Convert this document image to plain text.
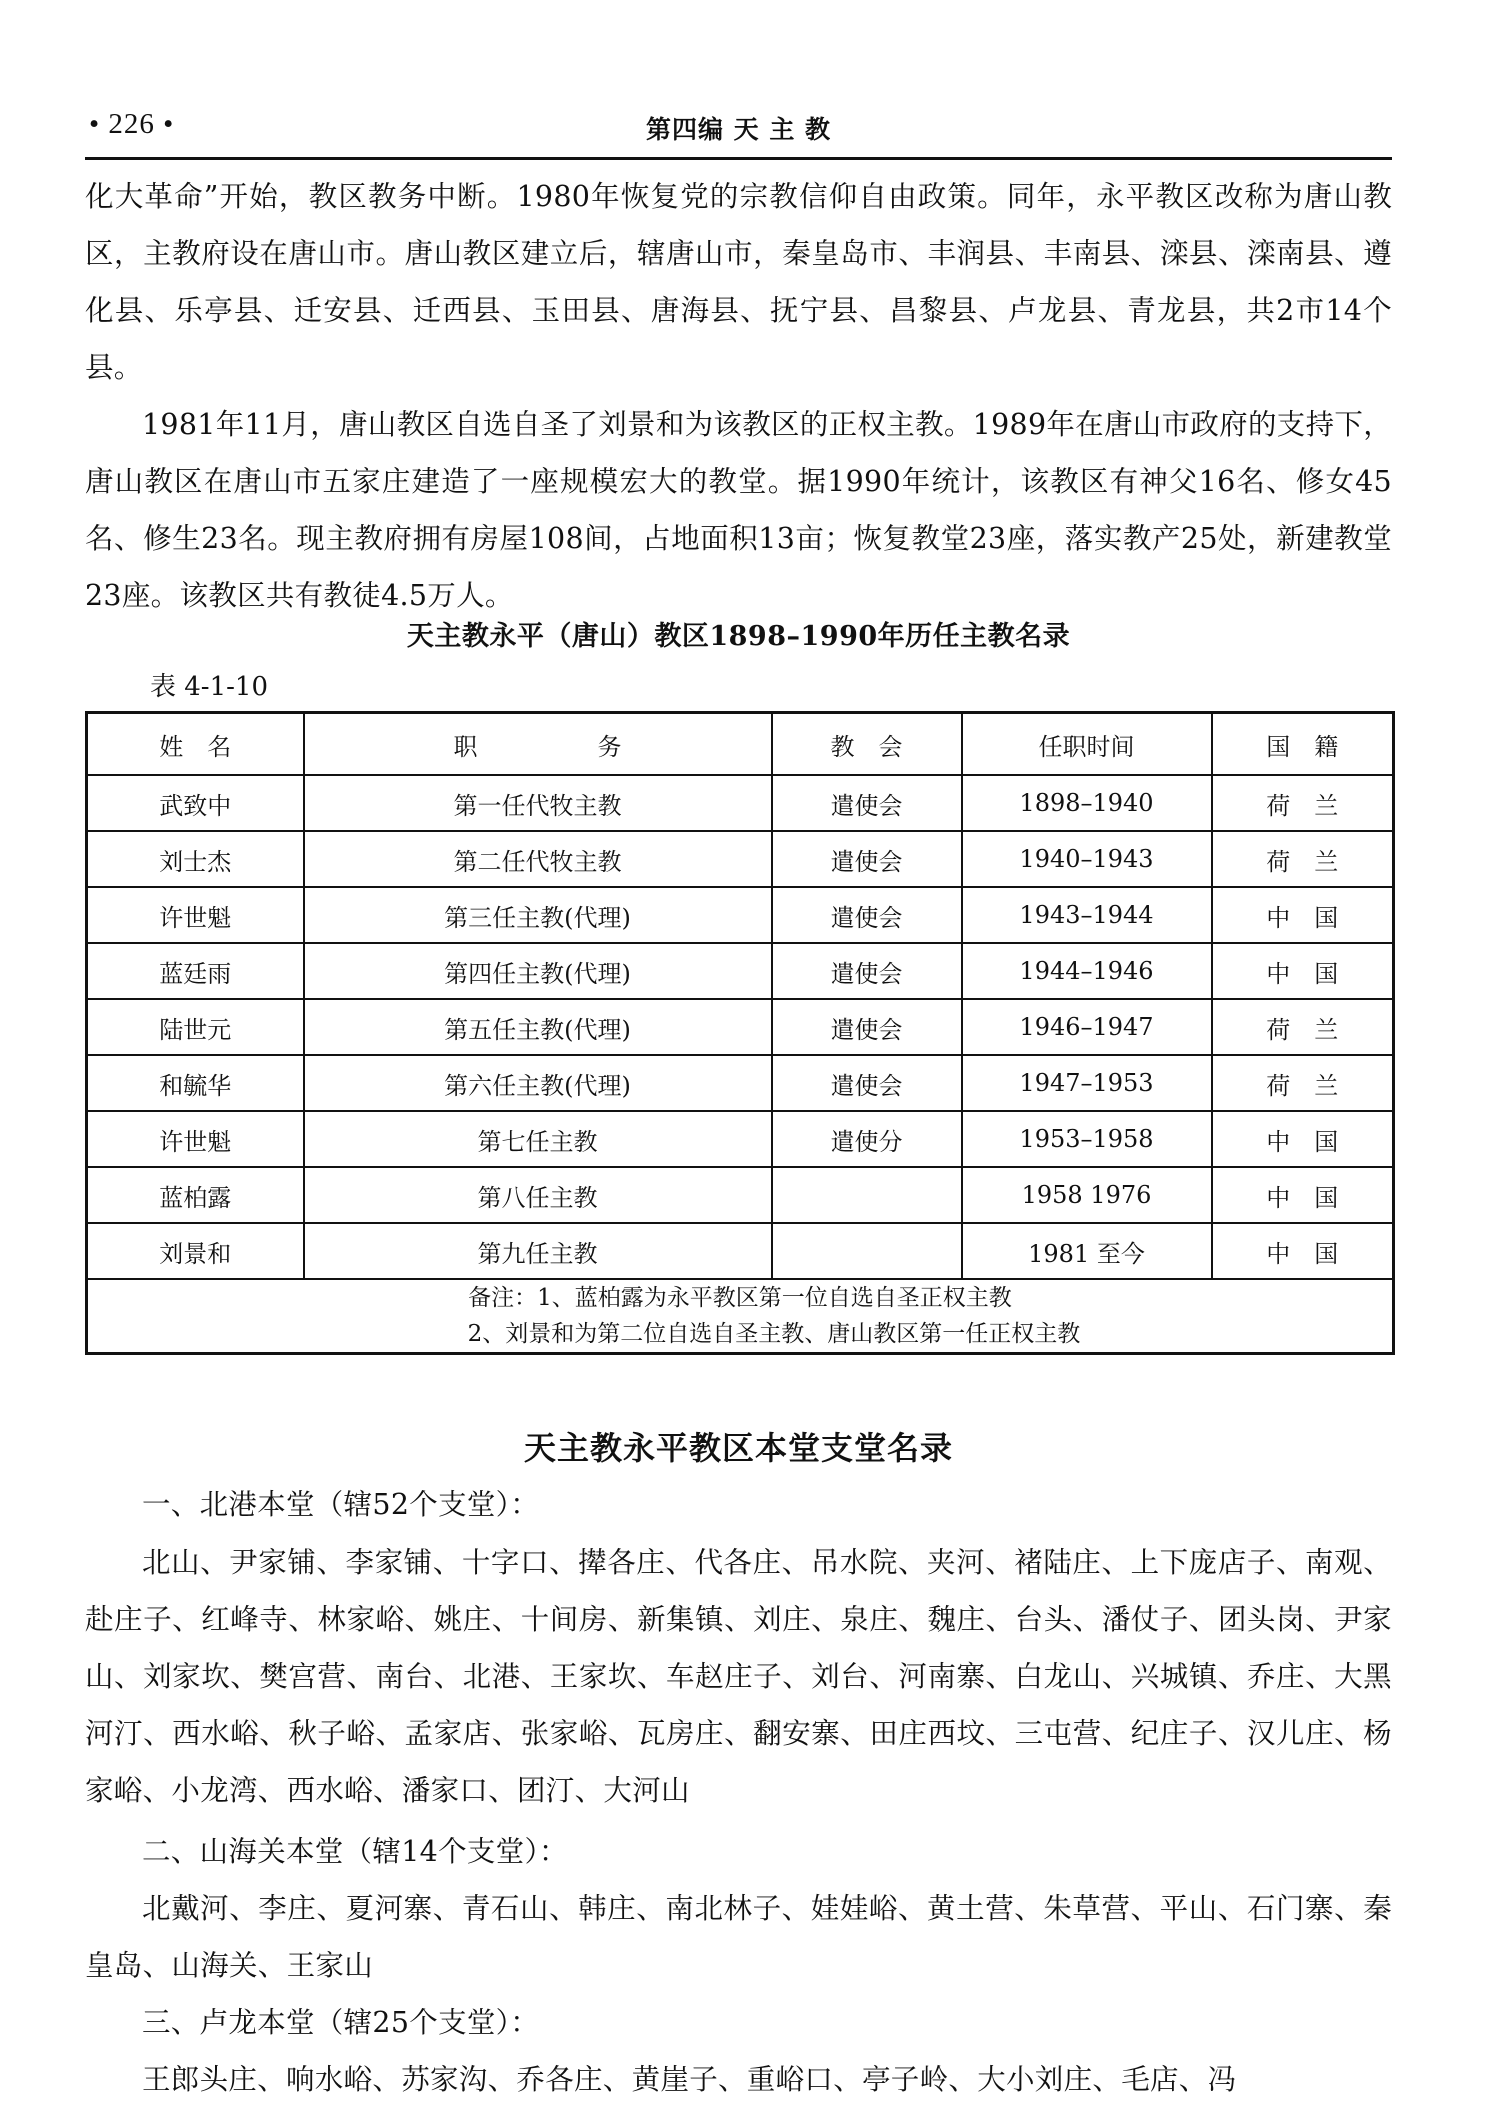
• 226 •	第四编 天 主 教

化大革命”开始，教区教务中断。1980年恢复党的宗教信仰自由政策。同年，永平教区改称为唐山教区，主教府设在唐山市。唐山教区建立后，辖唐山市，秦皇岛市、丰润县、丰南县、滦县、滦南县、遵化县、乐亭县、迁安县、迁西县、玉田县、唐海县、抚宁县、昌黎县、卢龙县、青龙县，共2市14个县。

1981年11月，唐山教区自选自圣了刘景和为该教区的正权主教。1989年在唐山市政府的支持下，唐山教区在唐山市五家庄建造了一座规模宏大的教堂。据1990年统计，该教区有神父16名、修女45名、修生23名。现主教府拥有房屋108间，占地面积13亩；恢复教堂23座，落实教产25处，新建教堂23座。该教区共有教徒4.5万人。

天主教永平（唐山）教区1898–1990年历任主教名录
表 4-1-10
姓　名	职　　　　　务	教　会	任职时间	国　籍
武致中	第一任代牧主教	遣使会	1898–1940	荷　兰
刘士杰	第二任代牧主教	遣使会	1940–1943	荷　兰
许世魁	第三任主教(代理)	遣使会	1943–1944	中　国
蓝廷雨	第四任主教(代理)	遣使会	1944–1946	中　国
陆世元	第五任主教(代理)	遣使会	1946–1947	荷　兰
和毓华	第六任主教(代理)	遣使会	1947–1953	荷　兰
许世魁	第七任主教	遣使分	1953–1958	中　国
蓝柏露	第八任主教		1958 1976	中　国
刘景和	第九任主教		1981 至今	中　国

备注：1、蓝柏露为永平教区第一位自选自圣正权主教
2、刘景和为第二位自选自圣主教、唐山教区第一任正权主教				
天主教永平教区本堂支堂名录

一、北港本堂（辖52个支堂）：

北山、尹家铺、李家铺、十字口、撵各庄、代各庄、吊水院、夹河、褚陆庄、上下庞店子、南观、赴庄子、红峰寺、林家峪、姚庄、十间房、新集镇、刘庄、泉庄、魏庄、台头、潘仗子、团头岗、尹家山、刘家坎、樊宫营、南台、北港、王家坎、车赵庄子、刘台、河南寨、白龙山、兴城镇、乔庄、大黑河汀、西水峪、秋子峪、孟家店、张家峪、瓦房庄、翻安寨、田庄西坟、三屯营、纪庄子、汉儿庄、杨家峪、小龙湾、西水峪、潘家口、团汀、大河山

二、山海关本堂（辖14个支堂）：

北戴河、李庄、夏河寨、青石山、韩庄、南北林子、娃娃峪、黄土营、朱草营、平山、石门寨、秦皇岛、山海关、王家山

三、卢龙本堂（辖25个支堂）：

王郎头庄、响水峪、苏家沟、乔各庄、黄崖子、重峪口、亭子岭、大小刘庄、毛店、冯
